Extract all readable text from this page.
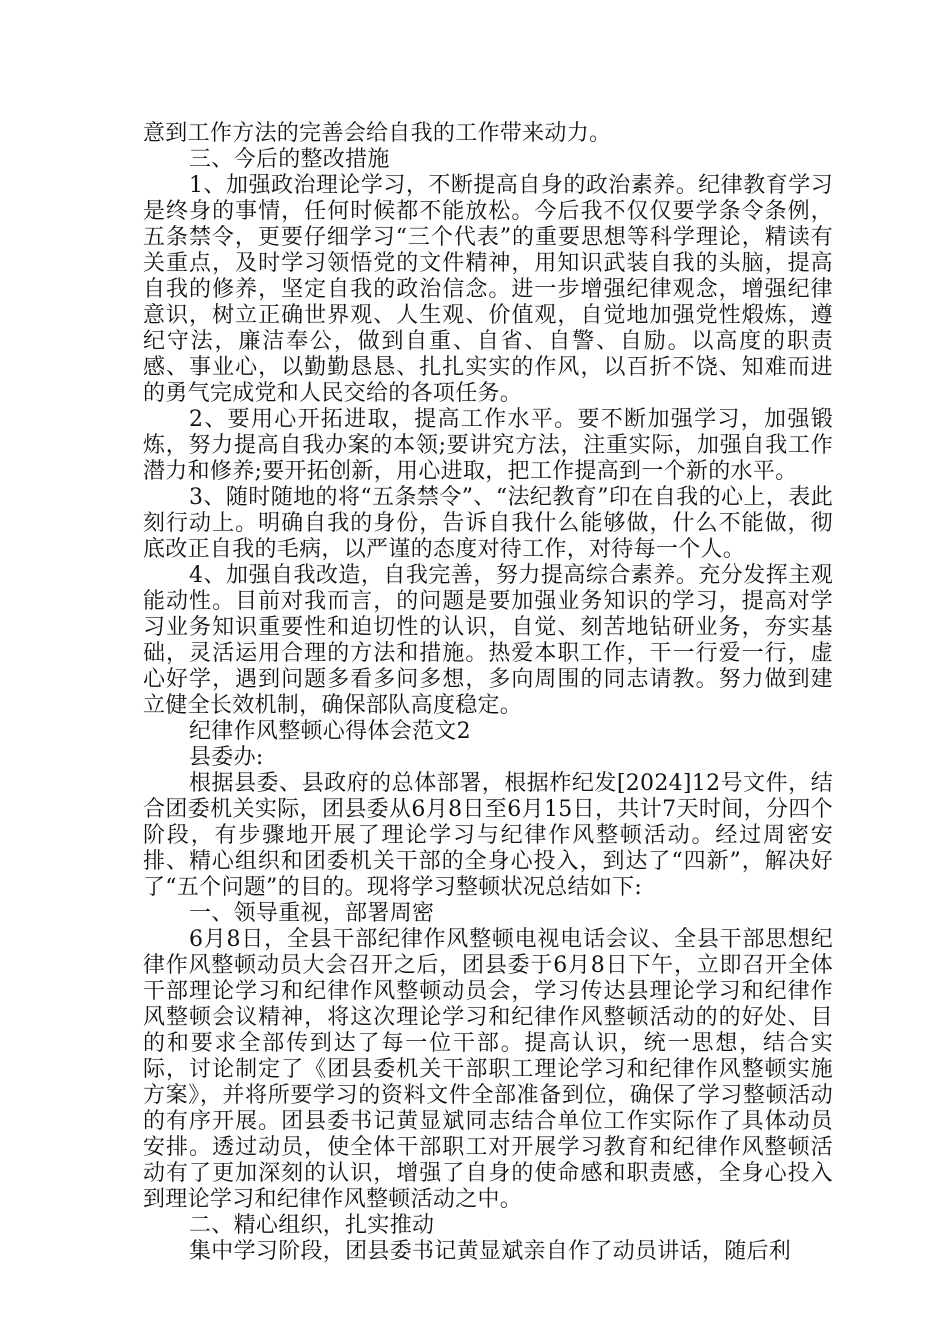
意到工作方法的完善会给自我的工作带来动力。

三、今后的整改措施

1、加强政治理论学习，不断提高自身的政治素养。纪律教育学习是终身的事情，任何时候都不能放松。今后我不仅仅要学条令条例，五条禁令，更要仔细学习“三个代表”的重要思想等科学理论，精读有关重点，及时学习领悟党的文件精神，用知识武装自我的头脑，提高自我的修养，坚定自我的政治信念。进一步增强纪律观念，增强纪律意识，树立正确世界观、人生观、价值观，自觉地加强党性煅炼，遵纪守法，廉洁奉公，做到自重、自省、自警、自励。以高度的职责感、事业心，以勤勤恳恳、扎扎实实的作风，以百折不饶、知难而进的勇气完成党和人民交给的各项任务。

2、要用心开拓进取，提高工作水平。要不断加强学习，加强锻炼，努力提高自我办案的本领;要讲究方法，注重实际，加强自我工作潜力和修养;要开拓创新，用心进取，把工作提高到一个新的水平。

3、随时随地的将“五条禁令”、“法纪教育”印在自我的心上，表此刻行动上。明确自我的身份，告诉自我什么能够做，什么不能做，彻底改正自我的毛病，以严谨的态度对待工作，对待每一个人。

4、加强自我改造，自我完善，努力提高综合素养。充分发挥主观能动性。目前对我而言，的问题是要加强业务知识的学习，提高对学习业务知识重要性和迫切性的认识，自觉、刻苦地钻研业务，夯实基础，灵活运用合理的方法和措施。热爱本职工作，干一行爱一行，虚心好学，遇到问题多看多问多想，多向周围的同志请教。努力做到建立健全长效机制，确保部队高度稳定。

纪律作风整顿心得体会范文2

县委办:

根据县委、县政府的总体部署，根据柞纪发[2024]12号文件，结合团委机关实际，团县委从6月8日至6月15日，共计7天时间，分四个阶段，有步骤地开展了理论学习与纪律作风整顿活动。经过周密安排、精心组织和团委机关干部的全身心投入，到达了“四新”，解决好了“五个问题”的目的。现将学习整顿状况总结如下:

一、领导重视，部署周密

6月8日，全县干部纪律作风整顿电视电话会议、全县干部思想纪律作风整顿动员大会召开之后，团县委于6月8日下午，立即召开全体干部理论学习和纪律作风整顿动员会，学习传达县理论学习和纪律作风整顿会议精神，将这次理论学习和纪律作风整顿活动的的好处、目的和要求全部传到达了每一位干部。提高认识，统一思想，结合实际，讨论制定了《团县委机关干部职工理论学习和纪律作风整顿实施方案》，并将所要学习的资料文件全部准备到位，确保了学习整顿活动的有序开展。团县委书记黄显斌同志结合单位工作实际作了具体动员安排。透过动员，使全体干部职工对开展学习教育和纪律作风整顿活动有了更加深刻的认识，增强了自身的使命感和职责感，全身心投入到理论学习和纪律作风整顿活动之中。

二、精心组织，扎实推动

集中学习阶段，团县委书记黄显斌亲自作了动员讲话，随后利
